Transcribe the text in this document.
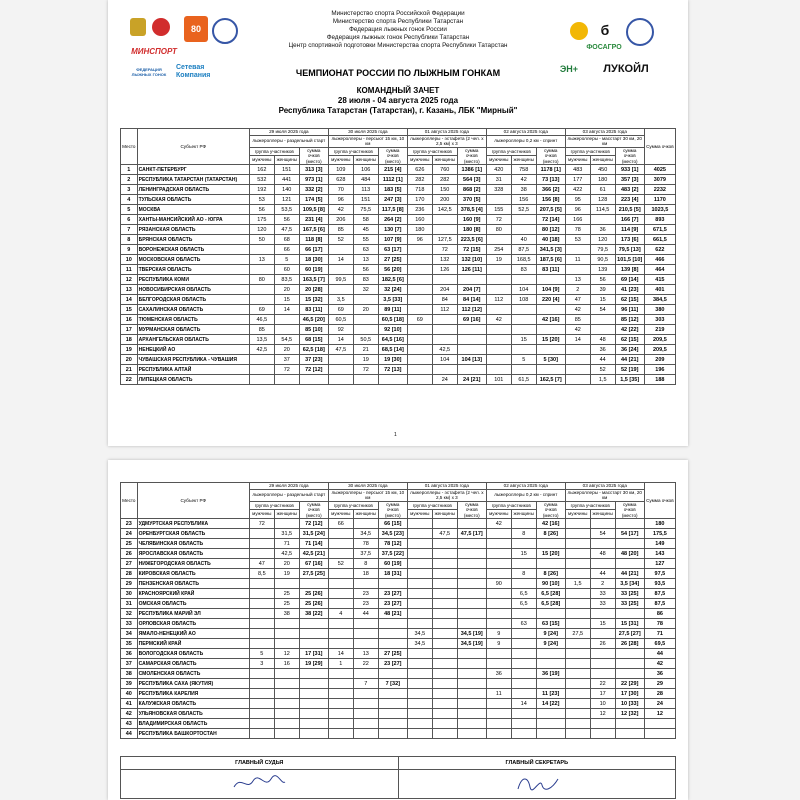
80
МИНСПОРТ
ФЕДЕРАЦИЯ ЛЫЖНЫХ ГОНОК
Сетевая Компания
Министерство спорта Российской Федерации
Министерство спорта Республики Татарстан
Федерация лыжных гонок России
Федерация лыжных гонок Республики Татарстан
Центр спортивной подготовки Министерства спорта Республики Татарстан
ЧЕМПИОНАТ РОССИИ ПО ЛЫЖНЫМ ГОНКАМ
б
ФОСАГРО
ЭН+	ЛУКОЙЛ
КОМАНДНЫЙ ЗАЧЕТ
28 июля - 04 августа 2025 года
Республика Татарстан (Татарстан), г. Казань, ЛБК "Мирный"
Место	Субъект РФ	29 июля 2025 года			30 июля 2025 года			01 августа 2025 года			02 августа 2025 года			03 августа 2025 года			Сумма очков
		лыжероллеры - раздельный старт			лыжероллеры - персьют 15 км, 10 км			лыжероллеры - эстафета (2 чел. х 2,5 км) х 3			лыжероллеры 0,2 км - спринт			лыжероллеры - масстарт 30 км, 20 км			
		группа участников		сумма очков (место)	группа участников		сумма очков (место)	группа участников		сумма очков (место)	группа участников		сумма очков (место)	группа участников		сумма очков (место)	
		мужчины	женщины		мужчины	женщины		мужчины	женщины		мужчины	женщины		мужчины	женщины		
1	САНКТ-ПЕТЕРБУРГ	162	151	313 [3]	109	106	215 [4]	626	760	1386 [1]	420	758	1178 [1]	483	450	933 [1]	4025
2	РЕСПУБЛИКА ТАТАРСТАН (ТАТАРСТАН)	532	441	973 [1]	628	484	1112 [1]	282	282	564 [3]	31	42	73 [13]	177	180	357 [3]	3079
3	ЛЕНИНГРАДСКАЯ ОБЛАСТЬ	192	140	332 [2]	70	113	183 [5]	718	150	868 [2]	328	38	366 [2]	422	61	483 [2]	2232
4	ТУЛЬСКАЯ ОБЛАСТЬ	53	121	174 [5]	96	151	247 [3]	170	200	370 [5]		156	156 [8]	95	128	223 [4]	1170
5	МОСКВА	56	53,5	109,5 [8]	42	75,5	117,5 [8]	236	142,5	378,5 [4]	155	52,5	207,5 [5]	96	114,5	210,5 [5]	1023,5
6	ХАНТЫ-МАНСИЙСКИЙ АО - ЮГРА	175	56	231 [4]	206	58	264 [2]	160		160 [9]	72		72 [14]	166		166 [7]	893
7	РЯЗАНСКАЯ ОБЛАСТЬ	120	47,5	167,5 [6]	85	45	130 [7]	180		180 [8]	80		80 [12]	78	36	114 [9]	671,5
8	БРЯНСКАЯ ОБЛАСТЬ	50	68	118 [8]	52	55	107 [9]	96	127,5	223,5 [6]		40	40 [18]	53	120	173 [6]	661,5
9	ВОРОНЕЖСКАЯ ОБЛАСТЬ		66	66 [17]		63	63 [17]		72	72 [15]	254	87,5	341,5 [3]		79,5	79,5 [13]	622
10	МОСКОВСКАЯ ОБЛАСТЬ	13	5	18 [30]	14	13	27 [25]		132	132 [10]	19	168,5	187,5 [6]	11	90,5	101,5 [10]	466
11	ТВЕРСКАЯ ОБЛАСТЬ		60	60 [19]		56	56 [20]		126	126 [11]		83	83 [11]		139	139 [8]	464
12	РЕСПУБЛИКА КОМИ	80	83,5	163,5 [7]	99,5	83	182,5 [6]							13	56	69 [14]	415
13	НОВОСИБИРСКАЯ ОБЛАСТЬ		20	20 [28]		32	32 [24]		204	204 [7]		104	104 [9]	2	39	41 [23]	401
14	БЕЛГОРОДСКАЯ ОБЛАСТЬ		15	15 [32]	3,5		3,5 [33]		84	84 [14]	112	108	220 [4]	47	15	62 [15]	384,5
15	САХАЛИНСКАЯ ОБЛАСТЬ	69	14	83 [11]	69	20	89 [11]		112	112 [12]				42	54	96 [11]	380
16	ТЮМЕНСКАЯ ОБЛАСТЬ	46,5		46,5 [20]	60,5		60,5 [18]	69		69 [16]	42		42 [16]	85		85 [12]	303
17	МУРМАНСКАЯ ОБЛАСТЬ	85		85 [10]	92		92 [10]							42		42 [22]	219
18	АРХАНГЕЛЬСКАЯ ОБЛАСТЬ	13,5	54,5	68 [15]	14	50,5	64,5 [16]					15	15 [20]	14	48	62 [15]	209,5
19	НЕНЕЦКИЙ АО	42,5	20	62,5 [18]	47,5	21	68,5 [14]		42,5						36	36 [24]	209,5
20	ЧУВАШСКАЯ РЕСПУБЛИКА - ЧУВАШИЯ		37	37 [23]		19	19 [30]		104	104 [13]		5	5 [30]		44	44 [21]	209
21	РЕСПУБЛИКА АЛТАЙ		72	72 [12]		72	72 [13]								52	52 [19]	196
22	ЛИПЕЦКАЯ ОБЛАСТЬ								24	24 [21]	101	61,5	162,5 [7]		1,5	1,5 [35]	188
1
Место	Субъект РФ	29 июля 2025 года			30 июля 2025 года			01 августа 2025 года			02 августа 2025 года			03 августа 2025 года			Сумма очков
		лыжероллеры - раздельный старт			лыжероллеры - персьют 15 км, 10 км			лыжероллеры - эстафета (2 чел. х 2,5 км) х 3			лыжероллеры 0,2 км - спринт			лыжероллеры - масстарт 30 км, 20 км			
		группа участников		сумма очков (место)	группа участников		сумма очков (место)	группа участников		сумма очков (место)	группа участников		сумма очков (место)	группа участников		сумма очков (место)	
		мужчины	женщины		мужчины	женщины		мужчины	женщины		мужчины	женщины		мужчины	женщины		
23	УДМУРТСКАЯ РЕСПУБЛИКА	72		72 [12]	66		66 [15]				42		42 [16]				180
24	ОРЕНБУРГСКАЯ ОБЛАСТЬ		31,5	31,5 [24]		34,5	34,5 [23]		47,5	47,5 [17]		8	8 [26]		54	54 [17]	175,5
25	ЧЕЛЯБИНСКАЯ ОБЛАСТЬ		71	71 [14]		78	78 [12]										149
26	ЯРОСЛАВСКАЯ ОБЛАСТЬ		42,5	42,5 [21]		37,5	37,5 [22]					15	15 [20]		48	48 [20]	143
27	НИЖЕГОРОДСКАЯ ОБЛАСТЬ	47	20	67 [16]	52	8	60 [19]										127
28	КИРОВСКАЯ ОБЛАСТЬ	8,5	19	27,5 [25]		18	18 [31]					8	8 [26]		44	44 [21]	97,5
29	ПЕНЗЕНСКАЯ ОБЛАСТЬ										90		90 [10]	1,5	2	3,5 [34]	93,5
30	КРАСНОЯРСКИЙ КРАЙ		25	25 [26]		23	23 [27]					6,5	6,5 [28]		33	33 [25]	87,5
31	ОМСКАЯ ОБЛАСТЬ		25	25 [26]		23	23 [27]					6,5	6,5 [28]		33	33 [25]	87,5
32	РЕСПУБЛИКА МАРИЙ ЭЛ		38	38 [22]	4	44	48 [21]										86
33	ОРЛОВСКАЯ ОБЛАСТЬ											63	63 [15]		15	15 [31]	78
34	ЯМАЛО-НЕНЕЦКИЙ АО							34,5		34,5 [19]	9		9 [24]	27,5		27,5 [27]	71
35	ПЕРМСКИЙ КРАЙ							34,5		34,5 [19]	9		9 [24]		26	26 [28]	69,5
36	ВОЛОГОДСКАЯ ОБЛАСТЬ	5	12	17 [31]	14	13	27 [25]										44
37	САМАРСКАЯ ОБЛАСТЬ	3	16	19 [29]	1	22	23 [27]										42
38	СМОЛЕНСКАЯ ОБЛАСТЬ										36		36 [19]				36
39	РЕСПУБЛИКА САХА (ЯКУТИЯ)					7	7 [32]								22	22 [29]	29
40	РЕСПУБЛИКА КАРЕЛИЯ										11		11 [23]		17	17 [30]	28
41	КАЛУЖСКАЯ ОБЛАСТЬ											14	14 [22]		10	10 [33]	24
42	УЛЬЯНОВСКАЯ ОБЛАСТЬ														12	12 [32]	12
43	ВЛАДИМИРСКАЯ ОБЛАСТЬ																
44	РЕСПУБЛИКА БАШКОРТОСТАН																
ГЛАВНЫЙ СУДЬЯ	ГЛАВНЫЙ СЕКРЕТАРЬ
